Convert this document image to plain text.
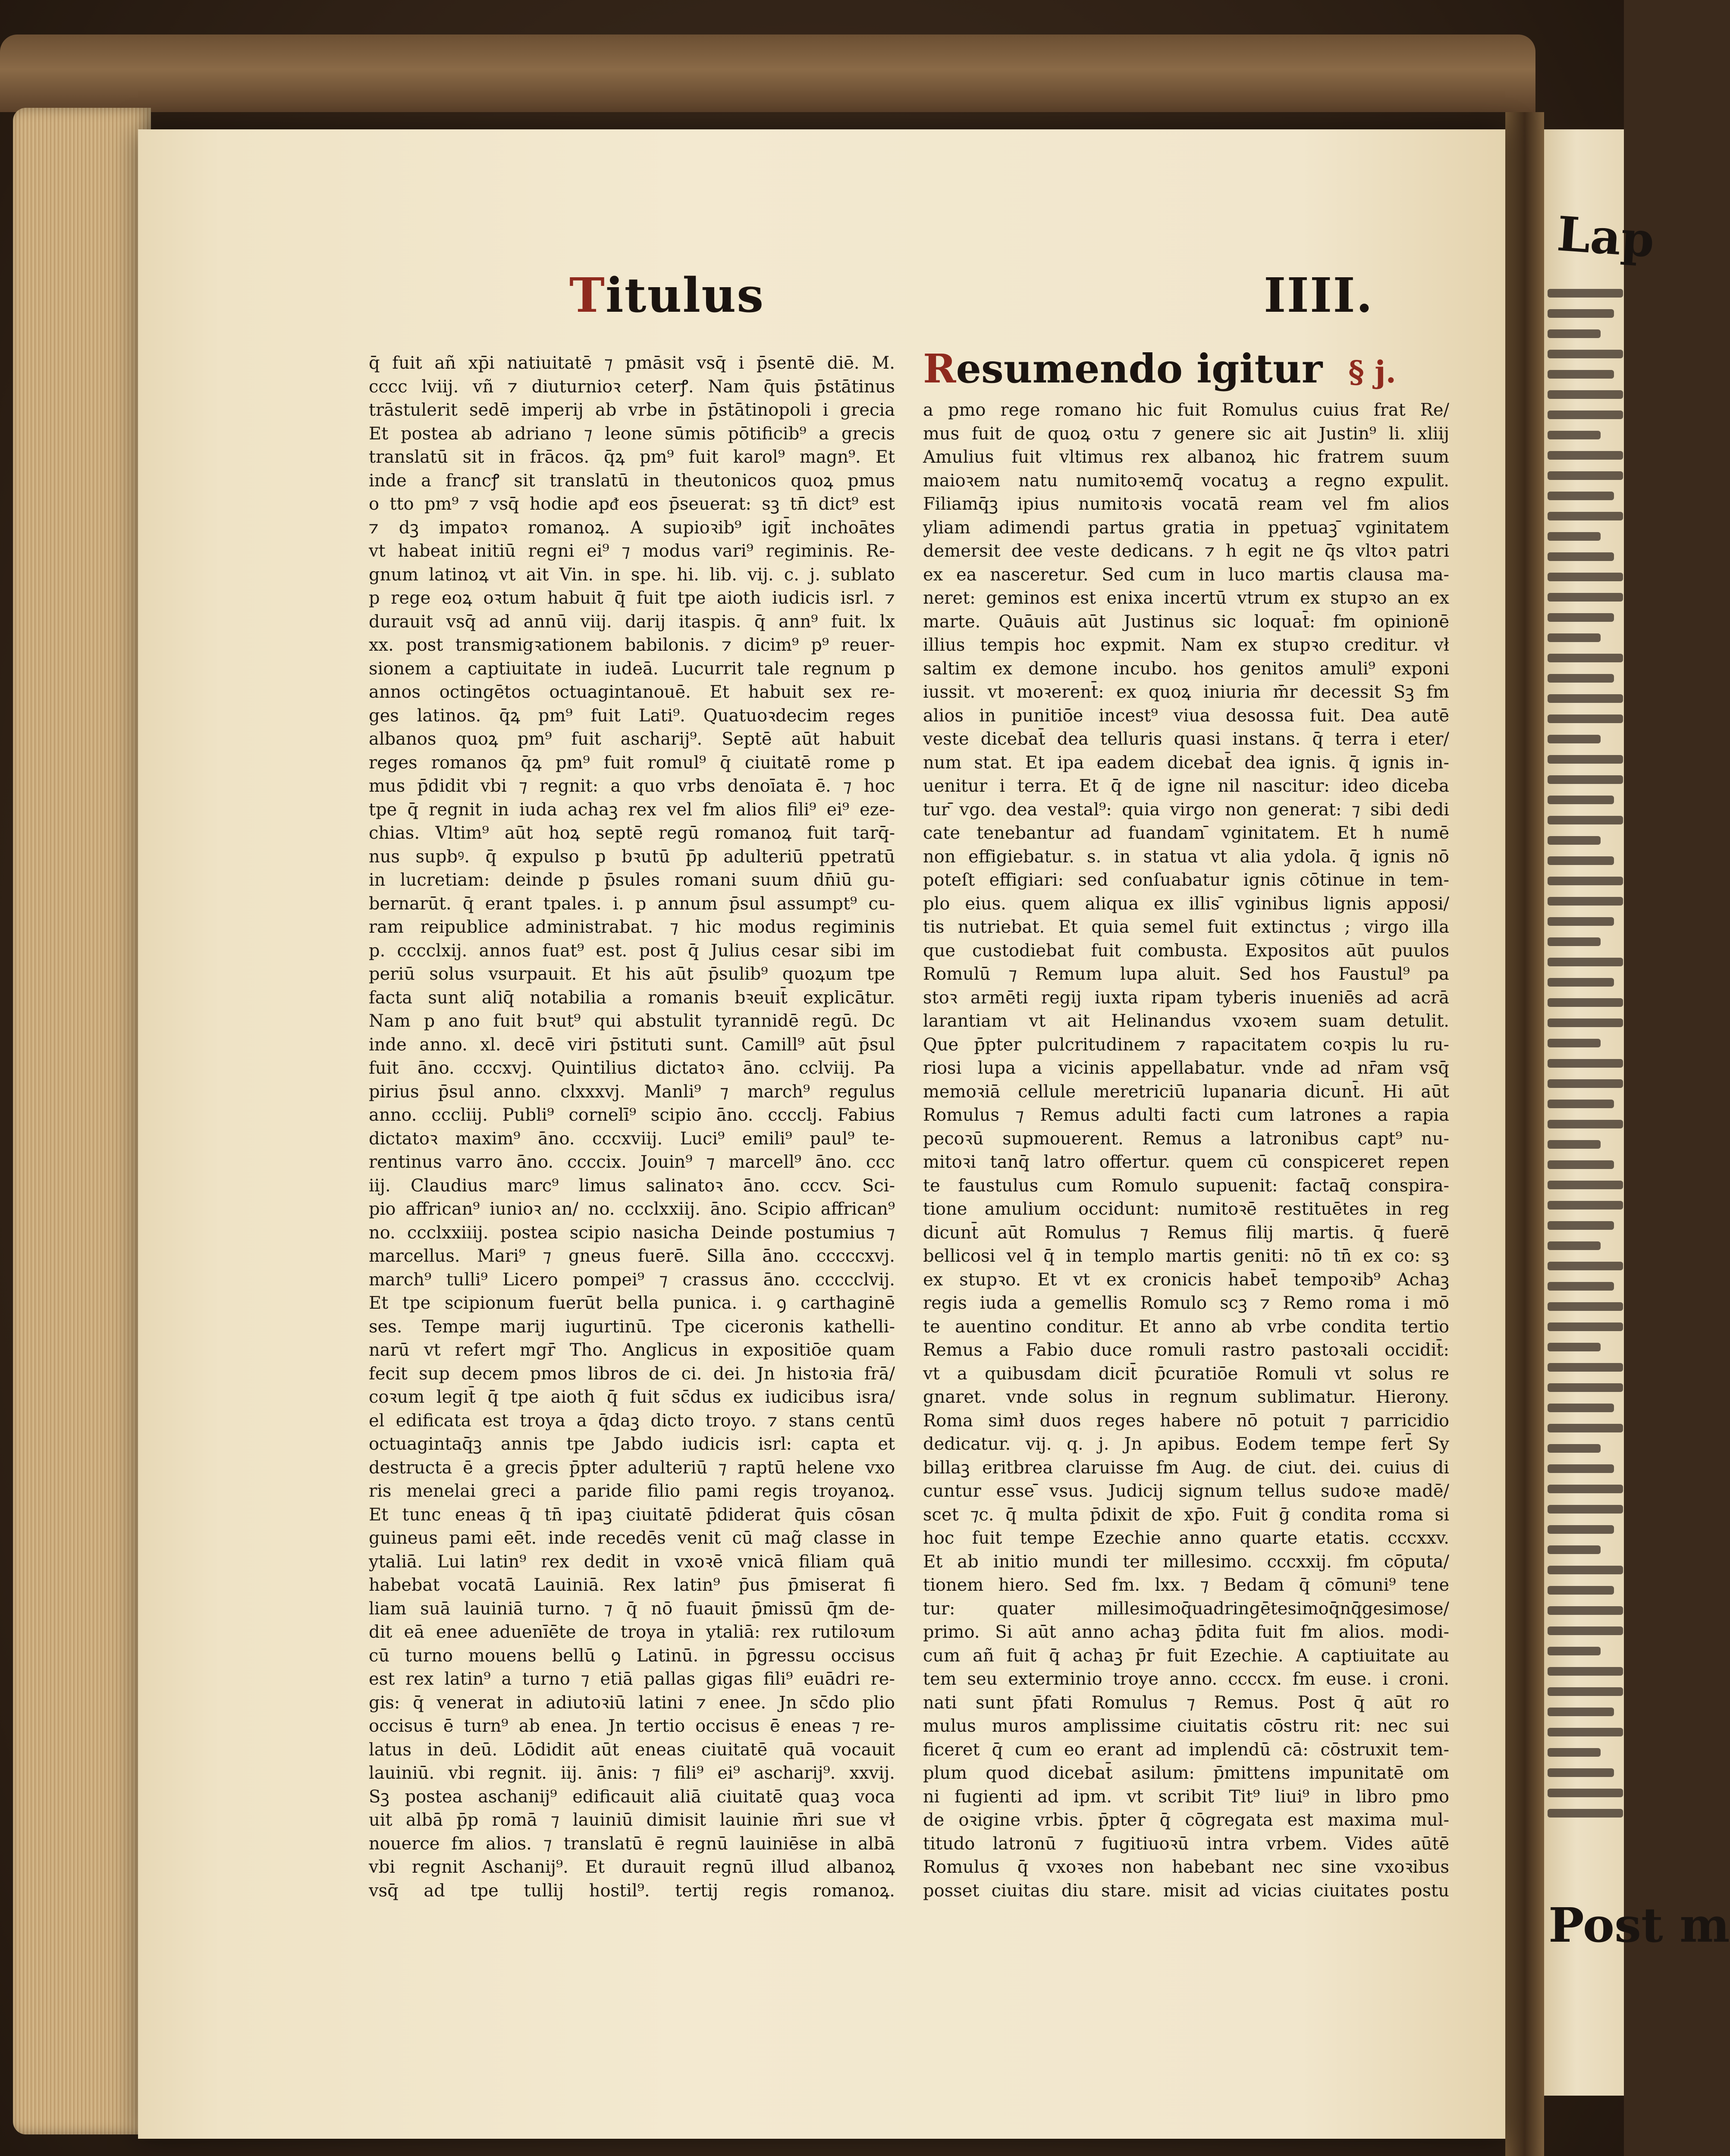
Lap
Post m
Titulus	IIII.
q̄ fuit añ xp̄i natiuitatē ⁊ pmāsit vsq̄ i p̄sentē diē. M.
cccc lviij. vñ ⁊ diuturnioꝛ ceterꝭ. Nam q̄uis p̄stātinus
trāstulerit sedē imperij ab vrbe in p̄stātinopoli i grecia
Et postea ab adriano ⁊ leone sūmis pōtificib⁹ a grecis
translatū sit in frācos. q̄ꝝ pm⁹ fuit karol⁹ magn⁹. Et
inde a francꝭ sit translatū in theutonicos quoꝝ pmus
o tto pm⁹ ⁊ vsq̄ hodie apᵭ eos p̄seuerat: sꝫ tn̄ dict⁹ est
⁊ dꝫ impatoꝛ romanoꝝ. A supioꝛib⁹ igit̄ inchoātes
vt habeat initiū regni ei⁹ ⁊ modus vari⁹ regiminis. Re-
gnum latinoꝝ vt ait Vin. in spe. hi. lib. vij. c. j. sublato
p rege eoꝝ oꝛtum habuit q̄ fuit tpe aioth iudicis isrl. ⁊
durauit vsq̄ ad annū viij. darij itaspis. q̄ ann⁹ fuit. lx
xx. post transmigꝛationem babilonis. ⁊ dicim⁹ p⁹ reuer-
sionem a captiuitate in iudeā. Lucurrit tale regnum p
annos octingētos octuagintanouē. Et habuit sex re-
ges latinos. q̄ꝝ pm⁹ fuit Lati⁹. Quatuoꝛdecim reges
albanos quoꝝ pm⁹ fuit ascharij⁹. Septē aūt habuit
reges romanos q̄ꝝ pm⁹ fuit romul⁹ q̄ ciuitatē rome p
mus p̄didit vbi ⁊ regnit: a quo vrbs denoīata ē. ⁊ hoc
tpe q̄ regnit in iuda achaꝫ rex vel fm alios fili⁹ ei⁹ eze-
chias. Vltim⁹ aūt hoꝝ septē regū romanoꝝ fuit tarq̄-
nus supbꝰ. q̄ expulso p bꝛutū p̄p adulteriū ppetratū
in lucretiam: deinde p p̄sules romani suum dn̄iū gu-
bernarūt. q̄ erant tpales. i. p annum p̄sul assumpt⁹ cu-
ram reipublice administrabat. ⁊ hic modus regiminis
p. cccclxij. annos fuat⁹ est. post q̄ Julius cesar sibi im
periū solus vsurpauit. Et his aūt p̄sulib⁹ quoꝝum tpe
facta sunt aliq̄ notabilia a romanis bꝛeuit̄ explicātur.
Nam p ano fuit bꝛut⁹ qui abstulit tyrannidē regū. Dc
inde anno. xl. decē viri p̄stituti sunt. Camill⁹ aūt p̄sul
fuit āno. cccxvj. Quintilius dictatoꝛ āno. cclviij. Pa
pirius p̄sul anno. clxxxvj. Manli⁹ ⁊ march⁹ regulus
anno. cccliij. Publi⁹ cornelī⁹ scipio āno. cccclj. Fabius
dictatoꝛ maxim⁹ āno. cccxviij. Luci⁹ emili⁹ paul⁹ te-
rentinus varro āno. ccccix. Jouin⁹ ⁊ marcell⁹ āno. ccc
iij. Claudius marc⁹ limus salinatoꝛ āno. cccv. Sci-
pio affrican⁹ iunioꝛ an/ no. ccclxxiij. āno. Scipio affrican⁹
no. ccclxxiiij. postea scipio nasicha Deinde postumius ⁊
marcellus. Mari⁹ ⁊ gneus fuerē. Silla āno. cccccxvj.
march⁹ tulli⁹ Licero pompei⁹ ⁊ crassus āno. ccccclvij.
Et tpe scipionum fuerūt bella punica. i. ꝯ carthaginē
ses. Tempe marij iugurtinū. Tpe ciceronis kathelli-
narū vt refert mgr̄ Tho. Anglicus in expositiōe quam
fecit sup decem pmos libros de ci. dei. Jn histoꝛia frā/
coꝛum legit̄ q̄ tpe aioth q̄ fuit sc̄dus ex iudicibus isra/
el edificata est troya a q̄daꝫ dicto troyo. ⁊ stans centū
octuagintaq̄ꝫ annis tpe Jabdo iudicis isrl: capta et
destructa ē a grecis p̄pter adulteriū ⁊ raptū helene vxo
ris menelai greci a paride filio pami regis troyanoꝝ.
Et tunc eneas q̄ tn̄ ipaꝫ ciuitatē p̄diderat q̄uis cōsan
guineus pami eēt. inde recedēs venit cū mag̃ classe in
ytaliā. Lui latin⁹ rex dedit in vxoꝛē vnicā filiam quā
habebat vocatā Lauiniā. Rex latin⁹ p̄us p̄miserat fi
liam suā lauiniā turno. ⁊ q̄ nō fuauit p̄missū q̄m de-
dit eā enee aduenīēte de troya in ytaliā: rex rutiloꝛum
cū turno mouens bellū ꝯ Latinū. in p̄gressu occisus
est rex latin⁹ a turno ⁊ etiā pallas gigas fili⁹ euādri re-
gis: q̄ venerat in adiutoꝛiū latini ⁊ enee. Jn sc̄do plio
occisus ē turn⁹ ab enea. Jn tertio occisus ē eneas ⁊ re-
latus in deū. Lōdidit aūt eneas ciuitatē quā vocauit
lauiniū. vbi regnit. iij. ānis: ⁊ fili⁹ ei⁹ ascharij⁹. xxvij.
Sꝫ postea aschanij⁹ edificauit aliā ciuitatē quaꝫ voca
uit albā p̄p romā ⁊ lauiniū dimisit lauinie m̄ri sue vł
nouerce fm alios. ⁊ translatū ē regnū lauiniēse in albā
vbi regnit Aschanij⁹. Et durauit regnū illud albanoꝝ
vsq̄ ad tpe tullij hostil⁹. tertij regis romanoꝝ.
Resumendo igitur § j.
a pmo rege romano hic fuit Romulus cuius frat Re/
mus fuit de quoꝝ oꝛtu ⁊ genere sic ait Justin⁹ li. xliij
Amulius fuit vltimus rex albanoꝝ hic fratrem suum
maioꝛem natu numitoꝛemq̄ vocatuꝫ a regno expulit.
Filiamq̄ꝫ ipius numitoꝛis vocatā ream vel fm alios
yliam adimendi partus gratia in ppetuaꝫ ̄vginitatem
demersit dee veste dedicans. ⁊ h egit ne q̄s vltoꝛ patri
ex ea nasceretur. Sed cum in luco martis clausa ma-
neret: geminos est enixa incertū vtrum ex stupꝛo an ex
marte. Quāuis aūt Justinus sic loquat̄: fm opinionē
illius tempis hoc expmit. Nam ex stupꝛo creditur. vł
saltim ex demone incubo. hos genitos amuli⁹ exponi
iussit. vt moꝛerent̄: ex quoꝝ iniuria m̄r decessit Sꝫ fm
alios in punitiōe incest⁹ viua desossa fuit. Dea autē
veste dicebat̄ dea telluris quasi instans. q̄ terra i eter/
num stat. Et ipa eadem dicebat̄ dea ignis. q̄ ignis in-
uenitur i terra. Et q̄ de igne nil nascitur: ideo diceba
tur ̄vgo. dea vestal⁹: quia virgo non generat: ⁊ sibi dedi
cate tenebantur ad fuandam ̄vginitatem. Et h numē
non effigiebatur. s. in statua vt alia ydola. q̄ ignis nō
poteſt effigiari: sed conſuabatur ignis cōtinue in tem-
plo eius. quem aliqua ex illis ̄vginibus lignis apposi/
tis nutriebat. Et quia semel fuit extinctus ; virgo illa
que custodiebat fuit combusta. Expositos aūt puulos
Romulū ⁊ Remum lupa aluit. Sed hos Faustul⁹ pa
stoꝛ armēti regij iuxta ripam tyberis inueniēs ad acrā
larantiam vt ait Helinandus vxoꝛem suam detulit.
Que p̄pter pulcritudinem ⁊ rapacitatem coꝛpis lu ru-
riosi lupa a vicinis appellabatur. vnde ad nr̄am vsq̄
memoꝛiā cellule meretriciū lupanaria dicunt̄. Hi aūt
Romulus ⁊ Remus adulti facti cum latrones a rapia
pecoꝛū supmouerent. Remus a latronibus capt⁹ nu-
mitoꝛi tanq̄ latro offertur. quem cū conspiceret repen
te faustulus cum Romulo supuenit: factaq̄ conspira-
tione amulium occidunt: numitoꝛē restituētes in reg
dicunt̄ aūt Romulus ⁊ Remus filij martis. q̄ fuerē
bellicosi vel q̄ in templo martis geniti: nō tn̄ ex co: sꝫ
ex stupꝛo. Et vt ex cronicis habet̄ tempoꝛib⁹ Achaꝫ
regis iuda a gemellis Romulo scꝫ ⁊ Remo roma i mō
te auentino conditur. Et anno ab vrbe condita tertio
Remus a Fabio duce romuli rastro pastoꝛali occidit̄:
vt a quibusdam dicit̄ p̄curatiōe Romuli vt solus re
gnaret. vnde solus in regnum sublimatur. Hierony.
Roma simł duos reges habere nō potuit ⁊ parricidio
dedicatur. vij. q. j. Jn apibus. Eodem tempe fert̄ Sy
billaꝫ eritbrea claruisse fm Aug. de ciut. dei. cuius di
cuntur esse ̄vsus. Judicij signum tellus sudoꝛe madē/
scet ⁊c. q̄ multa p̄dixit de xp̄o. Fuit ḡ condita roma si
hoc fuit tempe Ezechie anno quarte etatis. cccxxv.
Et ab initio mundi ter millesimo. cccxxij. fm cōputa/
tionem hiero. Sed fm. lxx. ⁊ Bedam q̄ cōmuni⁹ tene
tur: quater millesimoq̄uadringētesimoq̄nq̄gesimose/
primo. Si aūt anno achaꝫ p̄dita fuit fm alios. modi-
cum añ fuit q̄ achaꝫ p̄r fuit Ezechie. A captiuitate au
tem seu exterminio troye anno. ccccx. fm euse. i croni.
nati sunt p̄fati Romulus ⁊ Remus. Post q̄ aūt ro
mulus muros amplissime ciuitatis cōstru rit: nec sui
ficeret q̄ cum eo erant ad implendū cā: cōstruxit tem-
plum quod dicebat̄ asilum: p̄mittens impunitatē om
ni fugienti ad ipm. vt scribit Tit⁹ liui⁹ in libro pmo
de oꝛigine vrbis. p̄pter q̄ cōgregata est maxima mul-
titudo latronū ⁊ fugitiuoꝛū intra vrbem. Vides aūtē
Romulus q̄ vxoꝛes non habebant nec sine vxoꝛibus
posset ciuitas diu stare. misit ad vicias ciuitates postu
